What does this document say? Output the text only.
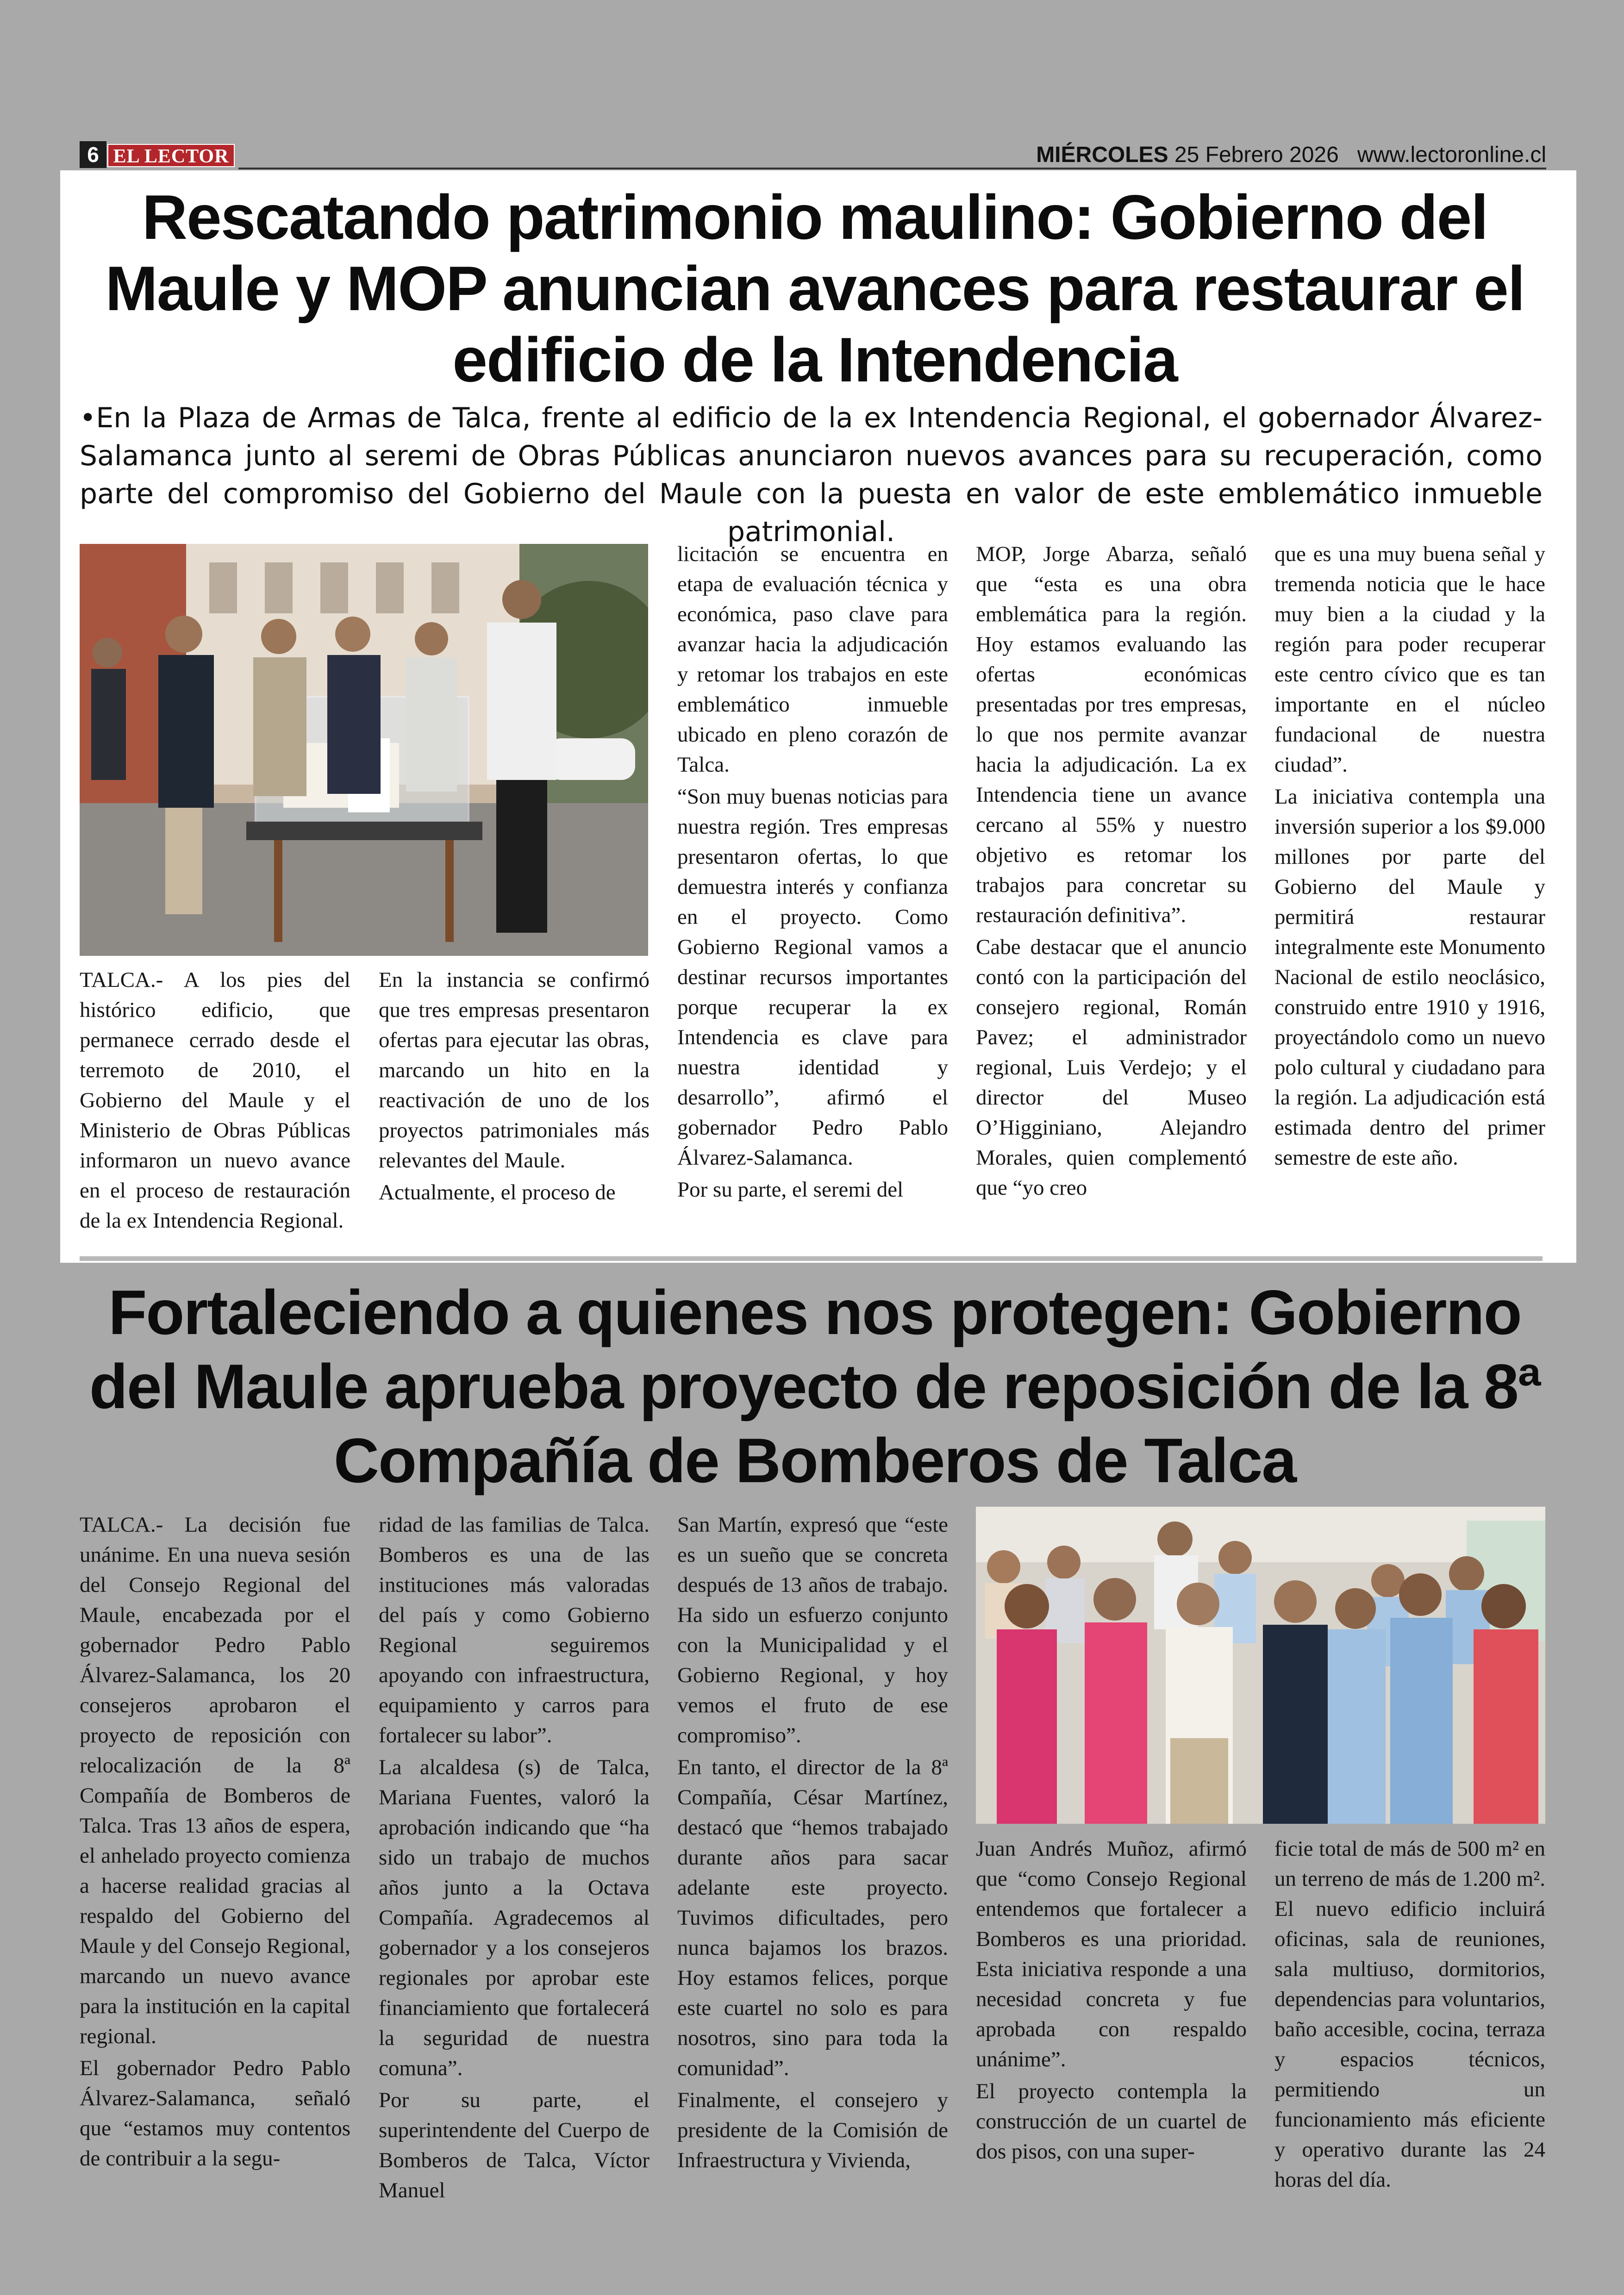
6 EL LECTOR	MIÉRCOLES 25 Febrero 2026 www.lectoronline.cl
Rescatando patrimonio maulino: Gobierno del Maule y MOP anuncian avances para restaurar el edificio de la Intendencia

•En la Plaza de Armas de Talca, frente al edificio de la ex Intendencia Regional, el gobernador Álvarez-Salamanca junto al seremi de Obras Públicas anunciaron nuevos avances para su recuperación, como parte del compromiso del Gobierno del Maule con la puesta en valor de este emblemático inmueble patrimonial.

TALCA.- A los pies del histórico edificio, que permanece cerrado desde el terremoto de 2010, el Gobierno del Maule y el Ministerio de Obras Públicas informaron un nuevo avance en el proceso de restauración de la ex Intendencia Regional.

En la instancia se confirmó que tres empresas presentaron ofertas para ejecutar las obras, marcando un hito en la reactivación de uno de los proyectos patrimoniales más relevantes del Maule.

Actualmente, el proceso de

licitación se encuentra en etapa de evaluación técnica y económica, paso clave para avanzar hacia la adjudicación y retomar los trabajos en este emblemático inmueble ubicado en pleno corazón de Talca.

“Son muy buenas noticias para nuestra región. Tres empresas presentaron ofertas, lo que demuestra interés y confianza en el proyecto. Como Gobierno Regional vamos a destinar recursos importantes porque recuperar la ex Intendencia es clave para nuestra identidad y desarrollo”, afirmó el gobernador Pedro Pablo Álvarez-Salamanca.

Por su parte, el seremi del

MOP, Jorge Abarza, señaló que “esta es una obra emblemática para la región. Hoy estamos evaluando las ofertas económicas presentadas por tres empresas, lo que nos permite avanzar hacia la adjudicación. La ex Intendencia tiene un avance cercano al 55% y nuestro objetivo es retomar los trabajos para concretar su restauración definitiva”.

Cabe destacar que el anuncio contó con la participación del consejero regional, Román Pavez; el administrador regional, Luis Verdejo; y el director del Museo O’Higginiano, Alejandro Morales, quien complementó que “yo creo

que es una muy buena señal y tremenda noticia que le hace muy bien a la ciudad y la región para poder recuperar este centro cívico que es tan importante en el núcleo fundacional de nuestra ciudad”.

La iniciativa contempla una inversión superior a los $9.000 millones por parte del Gobierno del Maule y permitirá restaurar integralmente este Monumento Nacional de estilo neoclásico, construido entre 1910 y 1916, proyectándolo como un nuevo polo cultural y ciudadano para la región. La adjudicación está estimada dentro del primer semestre de este año.

Fortaleciendo a quienes nos protegen: Gobierno del Maule aprueba proyecto de reposición de la 8ª Compañía de Bomberos de Talca

TALCA.- La decisión fue unánime. En una nueva sesión del Consejo Regional del Maule, encabezada por el gobernador Pedro Pablo Álvarez-Salamanca, los 20 consejeros aprobaron el proyecto de reposición con relocalización de la 8ª Compañía de Bomberos de Talca. Tras 13 años de espera, el anhelado proyecto comienza a hacerse realidad gracias al respaldo del Gobierno del Maule y del Consejo Regional, marcando un nuevo avance para la institución en la capital regional.

El gobernador Pedro Pablo Álvarez-Salamanca, señaló que “estamos muy contentos de contribuir a la segu-

ridad de las familias de Talca. Bomberos es una de las instituciones más valoradas del país y como Gobierno Regional seguiremos apoyando con infraestructura, equipamiento y carros para fortalecer su labor”.

La alcaldesa (s) de Talca, Mariana Fuentes, valoró la aprobación indicando que “ha sido un trabajo de muchos años junto a la Octava Compañía. Agradecemos al gobernador y a los consejeros regionales por aprobar este financiamiento que fortalecerá la seguridad de nuestra comuna”.

Por su parte, el superintendente del Cuerpo de Bomberos de Talca, Víctor Manuel

San Martín, expresó que “este es un sueño que se concreta después de 13 años de trabajo. Ha sido un esfuerzo conjunto con la Municipalidad y el Gobierno Regional, y hoy vemos el fruto de ese compromiso”.

En tanto, el director de la 8ª Compañía, César Martínez, destacó que “hemos trabajado durante años para sacar adelante este proyecto. Tuvimos dificultades, pero nunca bajamos los brazos. Hoy estamos felices, porque este cuartel no solo es para nosotros, sino para toda la comunidad”.

Finalmente, el consejero y presidente de la Comisión de Infraestructura y Vivienda,

Juan Andrés Muñoz, afirmó que “como Consejo Regional entendemos que fortalecer a Bomberos es una prioridad. Esta iniciativa responde a una necesidad concreta y fue aprobada con respaldo unánime”.

El proyecto contempla la construcción de un cuartel de dos pisos, con una super-

ficie total de más de 500 m² en un terreno de más de 1.200 m². El nuevo edificio incluirá oficinas, sala de reuniones, sala multiuso, dormitorios, dependencias para voluntarios, baño accesible, cocina, terraza y espacios técnicos, permitiendo un funcionamiento más eficiente y operativo durante las 24 horas del día.
